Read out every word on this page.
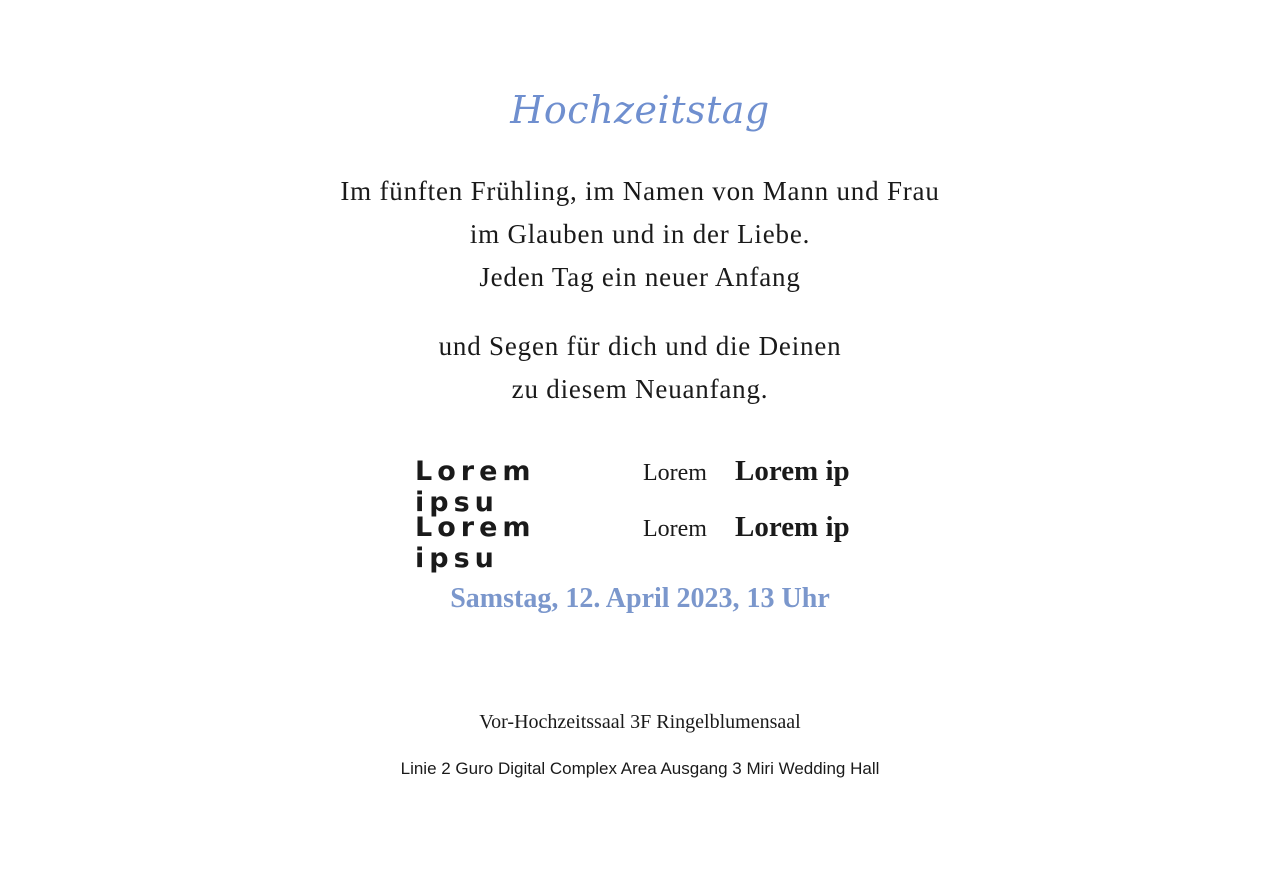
Hochzeitstag
Im fünften Frühling, im Namen von Mann und Frau
im Glauben und in der Liebe.
Jeden Tag ein neuer Anfang
und Segen für dich und die Deinen
zu diesem Neuanfang.
Lorem ipsu
Lorem Lorem ip
Lorem ipsu
Lorem Lorem ip
Samstag, 12. April 2023, 13 Uhr
Vor-Hochzeitssaal 3F Ringelblumensaal
Linie 2 Guro Digital Complex Area Ausgang 3 Miri Wedding Hall
